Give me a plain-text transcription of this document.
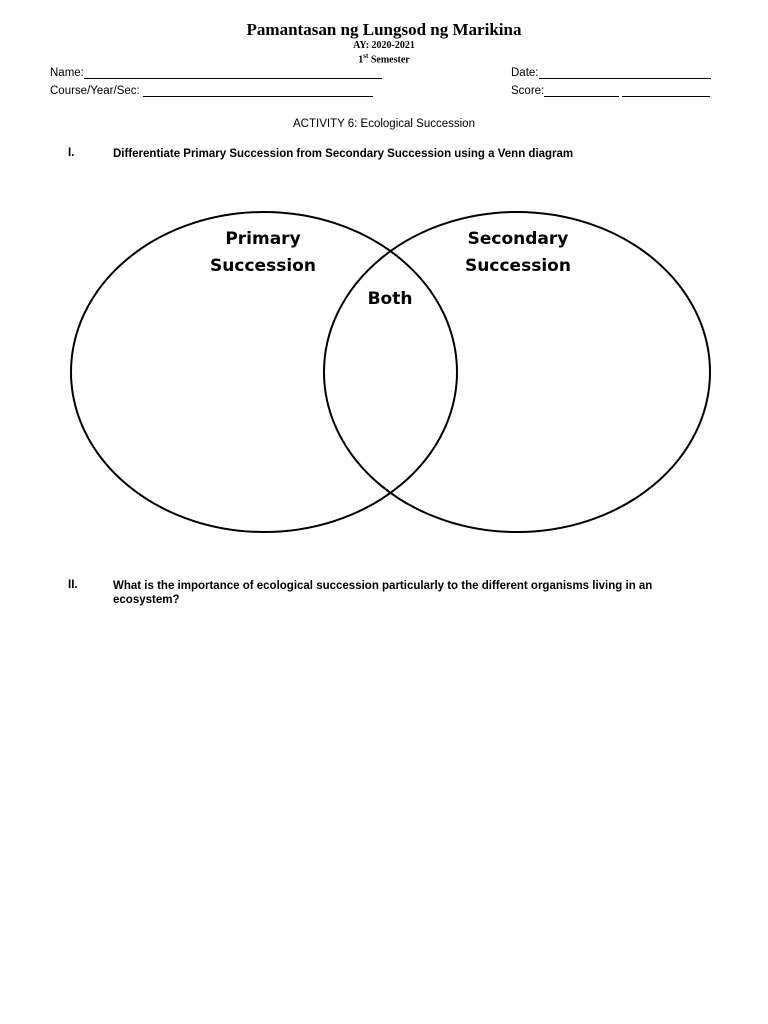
Pamantasan ng Lungsod ng Marikina
AY: 2020-2021
1st Semester
Name:	Date:
Course/Year/Sec:	Score:
ACTIVITY 6: Ecological Succession
I.	Differentiate Primary Succession from Secondary Succession using a Venn diagram
Primary
Succession
Secondary
Succession
Both
II.	What is the importance of ecological succession particularly to the different organisms living in an ecosystem?
